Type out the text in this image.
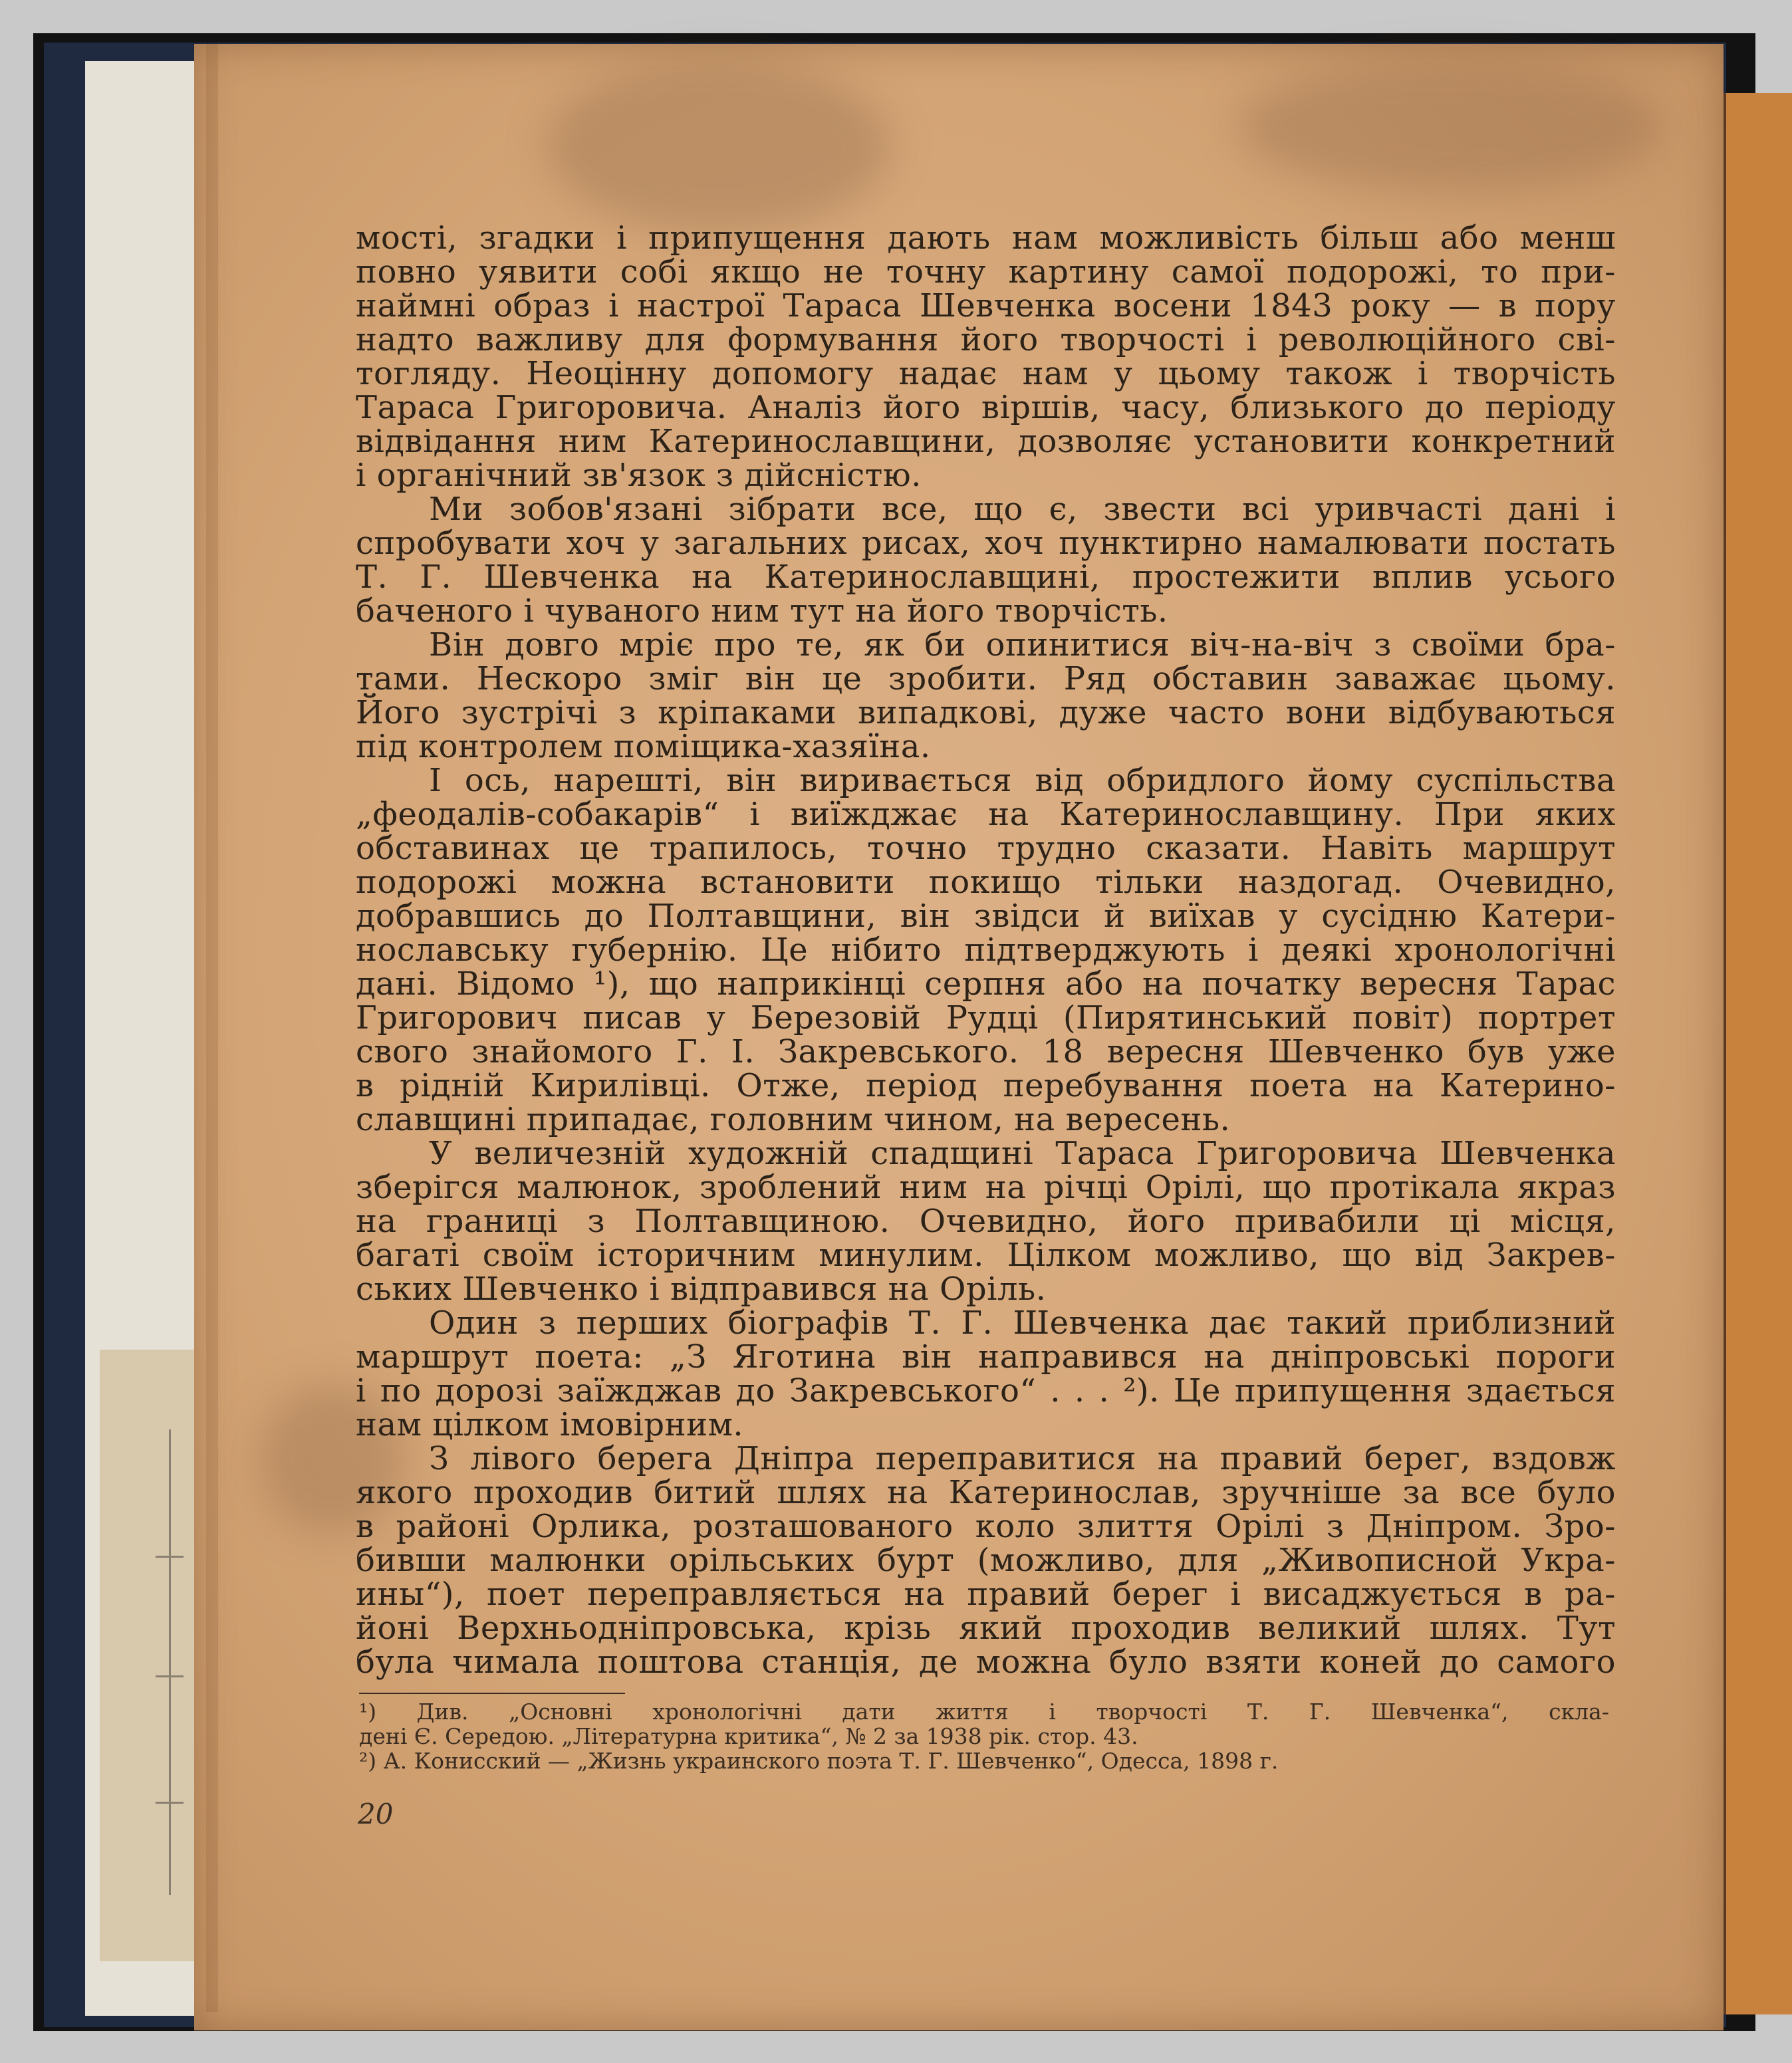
мості, згадки і припущення дають нам можливість більш або менш
повно уявити собі якщо не точну картину самої подорожі, то при-
наймні образ і настрої Тараса Шевченка восени 1843 року — в пору
надто важливу для формування його творчості і революційного сві-
тогляду. Неоцінну допомогу надає нам у цьому також і творчість
Тараса Григоровича. Аналіз його віршів, часу, близького до періоду
відвідання ним Катеринославщини, дозволяє установити конкретний
і органічний зв'язок з дійсністю.
Ми зобов'язані зібрати все, що є, звести всі уривчасті дані і
спробувати хоч у загальних рисах, хоч пунктирно намалювати постать
Т. Г. Шевченка на Катеринославщині, простежити вплив усього
баченого і чуваного ним тут на його творчість.
Він довго мріє про те, як би опинитися віч-на-віч з своїми бра-
тами. Нескоро зміг він це зробити. Ряд обставин заважає цьому.
Його зустрічі з кріпаками випадкові, дуже часто вони відбуваються
під контролем поміщика-хазяїна.
І ось, нарешті, він виривається від обридлого йому суспільства
„феодалів-собакарів“ і виїжджає на Катеринославщину. При яких
обставинах це трапилось, точно трудно сказати. Навіть маршрут
подорожі можна встановити покищо тільки наздогад. Очевидно,
добравшись до Полтавщини, він звідси й виїхав у сусідню Катери-
нославську губернію. Це нібито підтверджують і деякі хронологічні
дані. Відомо ¹), що наприкінці серпня або на початку вересня Тарас
Григорович писав у Березовій Рудці (Пирятинський повіт) портрет
свого знайомого Г. І. Закревського. 18 вересня Шевченко був уже
в рідній Кирилівці. Отже, період перебування поета на Катерино-
славщині припадає, головним чином, на вересень.
У величезній художній спадщині Тараса Григоровича Шевченка
зберігся малюнок, зроблений ним на річці Орілі, що протікала якраз
на границі з Полтавщиною. Очевидно, його привабили ці місця,
багаті своїм історичним минулим. Цілком можливо, що від Закрев-
ських Шевченко і відправився на Оріль.
Один з перших біографів Т. Г. Шевченка дає такий приблизний
маршрут поета: „З Яготина він направився на дніпровські пороги
і по дорозі заїжджав до Закревського“ . . . ²). Це припущення здається
нам цілком імовірним.
З лівого берега Дніпра переправитися на правий берег, вздовж
якого проходив битий шлях на Катеринослав, зручніше за все було
в районі Орлика, розташованого коло злиття Орілі з Дніпром. Зро-
бивши малюнки орільських бурт (можливо, для „Живописной Укра-
ины“), поет переправляється на правий берег і висаджується в ра-
йоні Верхньодніпровська, крізь який проходив великий шлях. Тут
була чимала поштова станція, де можна було взяти коней до самого
¹) Див. „Основні хронологічні дати життя і творчості Т. Г. Шевченка“, скла-
дені Є. Середою. „Літературна критика“, № 2 за 1938 рік. стор. 43.
²) А. Конисский — „Жизнь украинского поэта Т. Г. Шевченко“, Одесса, 1898 г.
20
